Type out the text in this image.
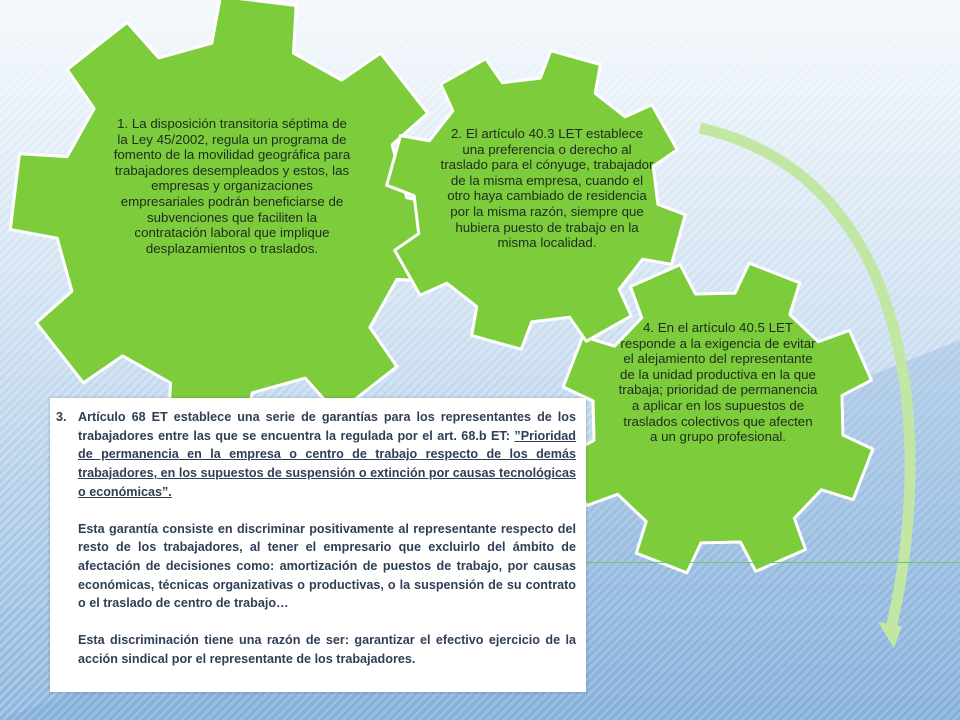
1. La disposición transitoria séptima de la Ley 45/2002, regula un programa de fomento de la movilidad geográfica para trabajadores desempleados y estos, las empresas y organizaciones empresariales podrán beneficiarse de subvenciones que faciliten la contratación laboral que implique desplazamientos o traslados.
2. El artículo 40.3 LET establece una preferencia o derecho al traslado para el cónyuge, trabajador de la misma empresa, cuando el otro haya cambiado de residencia por la misma razón, siempre que hubiera puesto de trabajo en la misma localidad.
4. En el artículo 40.5 LET responde a la exigencia de evitar el alejamiento del representante de la unidad productiva en la que trabaja; prioridad de permanencia a aplicar en los supuestos de traslados colectivos que afecten a un grupo profesional.
3. Artículo 68 ET establece una serie de garantías para los representantes de los trabajadores entre las que se encuentra la regulada por el art. 68.b ET: ”Prioridad de permanencia en la empresa o centro de trabajo respecto de los demás trabajadores, en los supuestos de suspensión o extinción por causas tecnológicas o económicas”.
Esta garantía consiste en discriminar positivamente al representante respecto del resto de los trabajadores, al tener el empresario que excluirlo del ámbito de afectación de decisiones como: amortización de puestos de trabajo, por causas económicas, técnicas organizativas o productivas, o la suspensión de su contrato o el traslado de centro de trabajo…
Esta discriminación tiene una razón de ser: garantizar el efectivo ejercicio de la acción sindical por el representante de los trabajadores.
